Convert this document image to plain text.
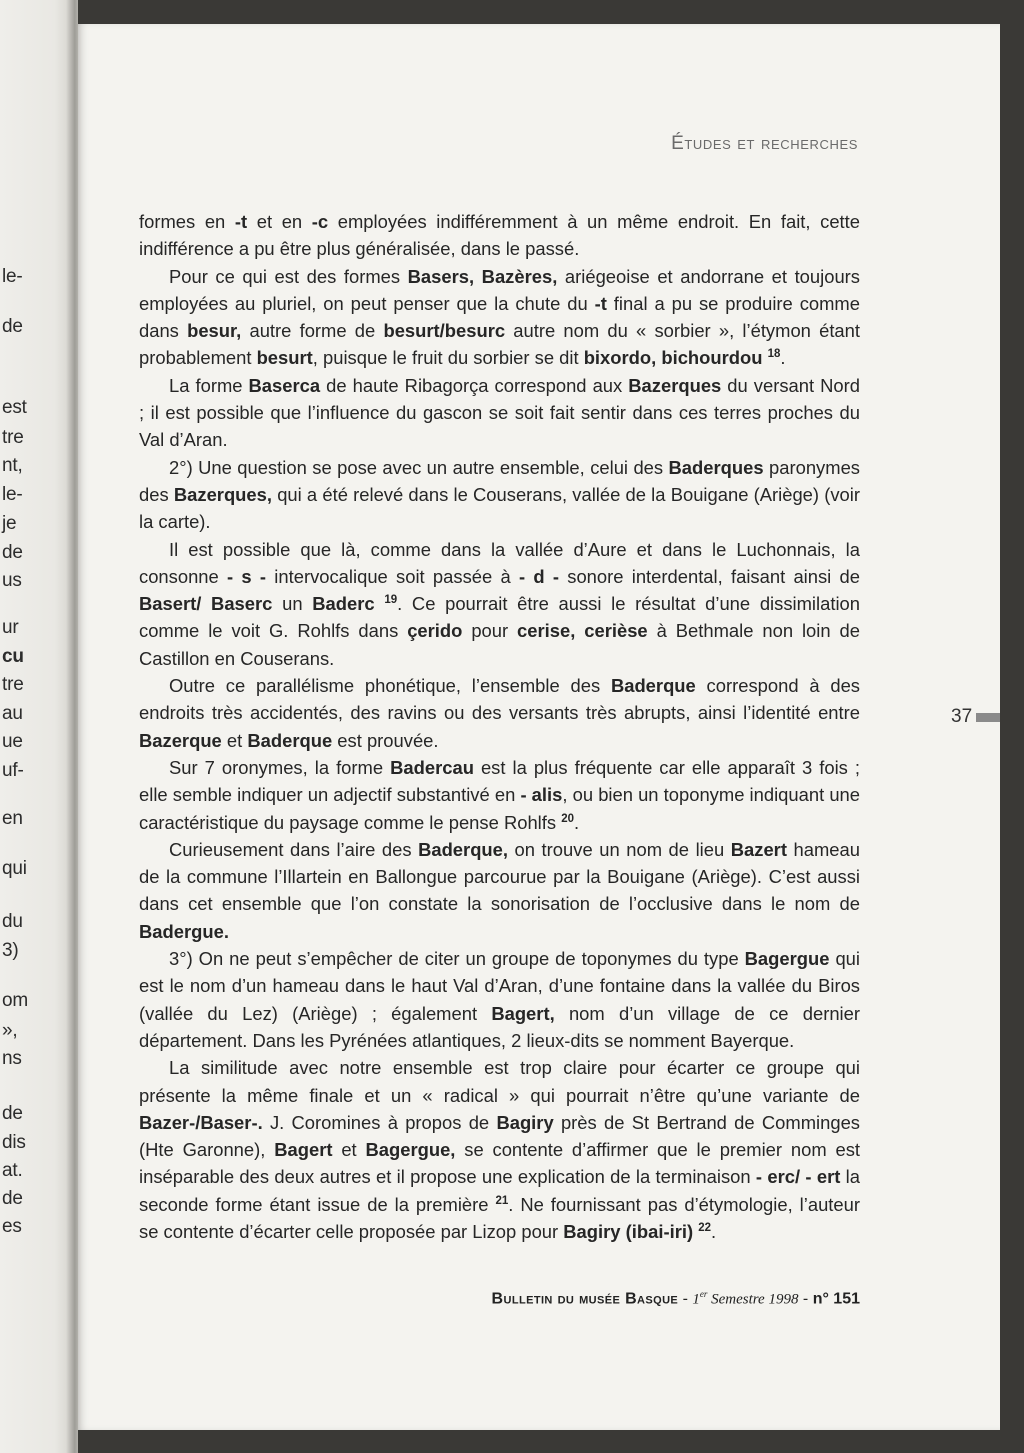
le-
de
est
tre
nt,
le-
je
de
us
ur
cu
tre
au
ue
uf-
en
qui
du
3)
om
»,
ns
de
dis
at.
de
es
Études et recherches

formes en -t et en -c employées indifféremment à un même endroit. En fait, cette indifférence a pu être plus généralisée, dans le passé.

Pour ce qui est des formes Basers, Bazères, ariégeoise et andorrane et toujours employées au pluriel, on peut penser que la chute du -t final a pu se produire comme dans besur, autre forme de besurt/besurc autre nom du « sorbier », l’étymon étant probablement besurt, puisque le fruit du sorbier se dit bixordo, bichourdou $^{18}$.

La forme Baserca de haute Ribagorça correspond aux Bazerques du versant Nord ; il est possible que l’influence du gascon se soit fait sentir dans ces terres proches du Val d’Aran.

2°) Une question se pose avec un autre ensemble, celui des Baderques paronymes des Bazerques, qui a été relevé dans le Couserans, vallée de la Bouigane (Ariège) (voir la carte).

Il est possible que là, comme dans la vallée d’Aure et dans le Luchonnais, la consonne - s - intervocalique soit passée à - d - sonore interdental, faisant ainsi de Basert/ Baserc un Baderc $^{19}$. Ce pourrait être aussi le résultat d’une dissimilation comme le voit G. Rohlfs dans çerido pour cerise, cerièse à Bethmale non loin de Castillon en Couserans.

Outre ce parallélisme phonétique, l’ensemble des Baderque correspond à des endroits très accidentés, des ravins ou des versants très abrupts, ainsi l’identité entre Bazerque et Baderque est prouvée.

Sur 7 oronymes, la forme Badercau est la plus fréquente car elle apparaît 3 fois ; elle semble indiquer un adjectif substantivé en - alis, ou bien un toponyme indiquant une caractéristique du paysage comme le pense Rohlfs $^{20}$.

Curieusement dans l’aire des Baderque, on trouve un nom de lieu Bazert hameau de la commune l’Illartein en Ballongue parcourue par la Bouigane (Ariège). C’est aussi dans cet ensemble que l’on constate la sonorisation de l’occlusive dans le nom de Badergue.

3°) On ne peut s’empêcher de citer un groupe de toponymes du type Bagergue qui est le nom d’un hameau dans le haut Val d’Aran, d’une fontaine dans la vallée du Biros (vallée du Lez) (Ariège) ; également Bagert, nom d’un village de ce dernier département. Dans les Pyrénées atlantiques, 2 lieux-dits se nomment Bayerque.

La similitude avec notre ensemble est trop claire pour écarter ce groupe qui présente la même finale et un « radical » qui pourrait n’être qu’une variante de Bazer-/Baser-. J. Coromines à propos de Bagiry près de St Bertrand de Comminges (Hte Garonne), Bagert et Bagergue, se contente d’affirmer que le premier nom est inséparable des deux autres et il propose une explication de la terminaison - erc/ - ert la seconde forme étant issue de la première $^{21}$. Ne fournissant pas d’étymologie, l’auteur se contente d’écarter celle proposée par Lizop pour Bagiry (ibai-iri) $^{22}$.

37
Bulletin du musée Basque - 1er Semestre 1998 - n° 151
